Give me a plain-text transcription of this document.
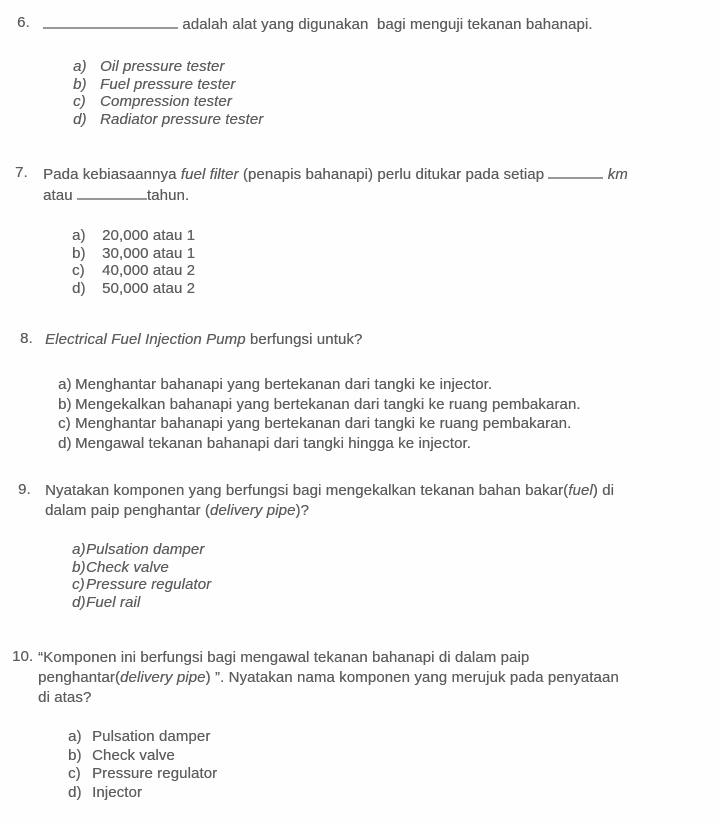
6.	adalah alat yang digunakan  bagi menguji tekanan bahanapi.

a) Oil pressure tester
b) Fuel pressure tester
c) Compression tester
d) Radiator pressure tester
7.	Pada kebiasaannya fuel filter (penapis bahanapi) perlu ditukar pada setiap	km
atau	tahun.

a)	20,000 atau 1
b)	30,000 atau 1
c)	40,000 atau 2
d)	50,000 atau 2
8. Electrical Fuel Injection Pump berfungsi untuk?

a) Menghantar bahanapi yang bertekanan dari tangki ke injector.
b) Mengekalkan bahanapi yang bertekanan dari tangki ke ruang pembakaran.
c) Menghantar bahanapi yang bertekanan dari tangki ke ruang pembakaran.
d) Mengawal tekanan bahanapi dari tangki hingga ke injector.
9. Nyatakan komponen yang berfungsi bagi mengekalkan tekanan bahan bakar(fuel) di
dalam paip penghantar (delivery pipe)?

a) Pulsation damper
b) Check valve
c) Pressure regulator
d) Fuel rail
10. “Komponen ini berfungsi bagi mengawal tekanan bahanapi di dalam paip
penghantar(delivery pipe) ”. Nyatakan nama komponen yang merujuk pada penyataan
di atas?

a) Pulsation damper
b) Check valve
c) Pressure regulator
d) Injector
